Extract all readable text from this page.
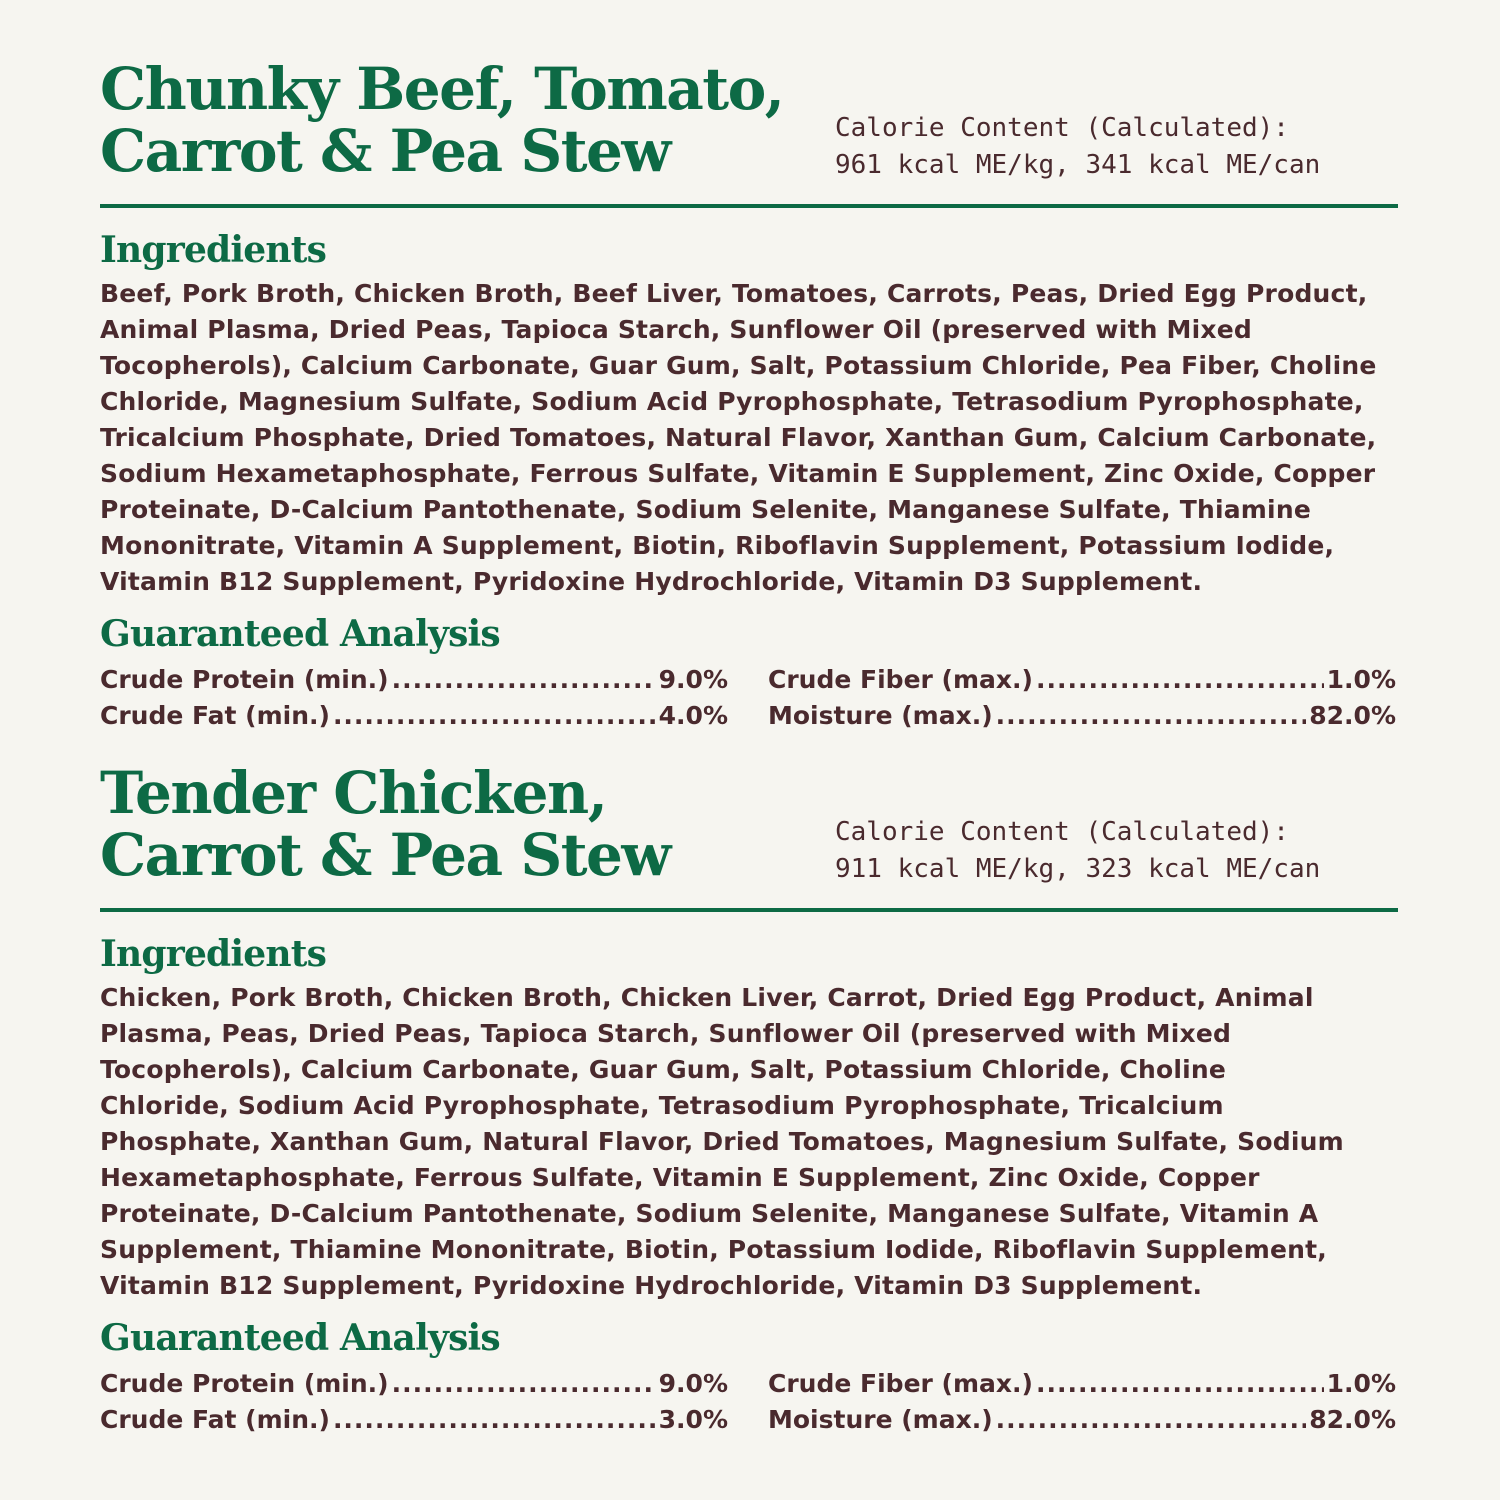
Chunky Beef, Tomato,
Carrot & Pea Stew	Calorie Content (Calculated):
961 kcal ME/kg, 341 kcal ME/can
Ingredients
Beef, Pork Broth, Chicken Broth, Beef Liver, Tomatoes, Carrots, Peas, Dried Egg Product,
Animal Plasma, Dried Peas, Tapioca Starch, Sunflower Oil (preserved with Mixed
Tocopherols), Calcium Carbonate, Guar Gum, Salt, Potassium Chloride, Pea Fiber, Choline
Chloride, Magnesium Sulfate, Sodium Acid Pyrophosphate, Tetrasodium Pyrophosphate,
Tricalcium Phosphate, Dried Tomatoes, Natural Flavor, Xanthan Gum, Calcium Carbonate,
Sodium Hexametaphosphate, Ferrous Sulfate, Vitamin E Supplement, Zinc Oxide, Copper
Proteinate, D-Calcium Pantothenate, Sodium Selenite, Manganese Sulfate, Thiamine
Mononitrate, Vitamin A Supplement, Biotin, Riboflavin Supplement, Potassium Iodide,
Vitamin B12 Supplement, Pyridoxine Hydrochloride, Vitamin D3 Supplement.
Guaranteed Analysis
Crude Protein (min.) .....	9.0%
Crude Fat (min.) .....	4.0%
Crude Fiber (max.) .....	1.0%
Moisture (max.) .....	82.0%
Tender Chicken,
Carrot & Pea Stew	Calorie Content (Calculated):
911 kcal ME/kg, 323 kcal ME/can
Ingredients
Chicken, Pork Broth, Chicken Broth, Chicken Liver, Carrot, Dried Egg Product, Animal
Plasma, Peas, Dried Peas, Tapioca Starch, Sunflower Oil (preserved with Mixed
Tocopherols), Calcium Carbonate, Guar Gum, Salt, Potassium Chloride, Choline
Chloride, Sodium Acid Pyrophosphate, Tetrasodium Pyrophosphate, Tricalcium
Phosphate, Xanthan Gum, Natural Flavor, Dried Tomatoes, Magnesium Sulfate, Sodium
Hexametaphosphate, Ferrous Sulfate, Vitamin E Supplement, Zinc Oxide, Copper
Proteinate, D-Calcium Pantothenate, Sodium Selenite, Manganese Sulfate, Vitamin A
Supplement, Thiamine Mononitrate, Biotin, Potassium Iodide, Riboflavin Supplement,
Vitamin B12 Supplement, Pyridoxine Hydrochloride, Vitamin D3 Supplement.
Guaranteed Analysis
Crude Protein (min.) .....	9.0%
Crude Fat (min.) .....	3.0%
Crude Fiber (max.) .....	1.0%
Moisture (max.) .....	82.0%
